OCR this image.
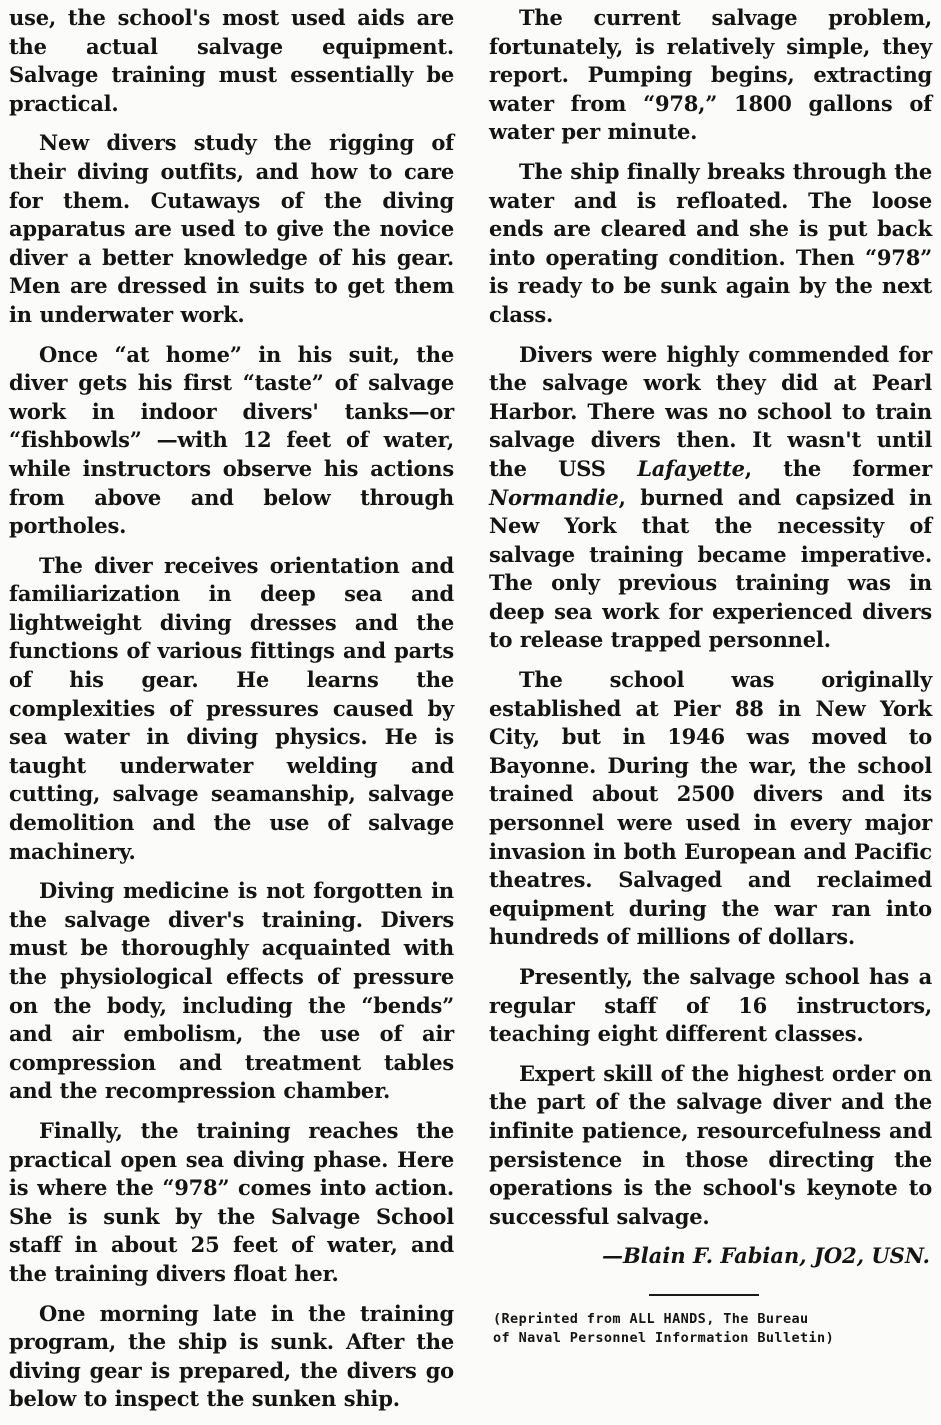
use, the school's most used aids are the actual salvage equipment. Salvage training must essentially be practical.

New divers study the rigging of their diving outfits, and how to care for them. Cutaways of the diving apparatus are used to give the novice diver a better knowledge of his gear. Men are dressed in suits to get them in underwater work.

Once “at home” in his suit, the diver gets his first “taste” of salvage work in indoor divers' tanks—or “fishbowls” —with 12 feet of water, while instructors observe his actions from above and below through portholes.

The diver receives orientation and familiarization in deep sea and lightweight diving dresses and the functions of various fittings and parts of his gear. He learns the complexities of pressures caused by sea water in diving physics. He is taught underwater welding and cutting, salvage seamanship, salvage demolition and the use of salvage machinery.

Diving medicine is not forgotten in the salvage diver's training. Divers must be thoroughly acquainted with the physiological effects of pressure on the body, including the “bends” and air embolism, the use of air compression and treatment tables and the recompression chamber.

Finally, the training reaches the practical open sea diving phase. Here is where the “978” comes into action. She is sunk by the Salvage School staff in about 25 feet of water, and the training divers float her.

One morning late in the training program, the ship is sunk. After the diving gear is prepared, the divers go below to inspect the sunken ship.

The current salvage problem, fortunately, is relatively simple, they report. Pumping begins, extracting water from “978,” 1800 gallons of water per minute.

The ship finally breaks through the water and is refloated. The loose ends are cleared and she is put back into operating condition. Then “978” is ready to be sunk again by the next class.

Divers were highly commended for the salvage work they did at Pearl Harbor. There was no school to train salvage divers then. It wasn't until the USS Lafayette, the former Normandie, burned and capsized in New York that the necessity of salvage training became imperative. The only previous training was in deep sea work for experienced divers to release trapped personnel.

The school was originally established at Pier 88 in New York City, but in 1946 was moved to Bayonne. During the war, the school trained about 2500 divers and its personnel were used in every major invasion in both European and Pacific theatres. Salvaged and reclaimed equipment during the war ran into hundreds of millions of dollars.

Presently, the salvage school has a regular staff of 16 instructors, teaching eight different classes.

Expert skill of the highest order on the part of the salvage diver and the infinite patience, resourcefulness and persistence in those directing the operations is the school's keynote to successful salvage.

—Blain F. Fabian, JO2, USN.
(Reprinted from ALL HANDS, The Bureau
of Naval Personnel Information Bulletin)
